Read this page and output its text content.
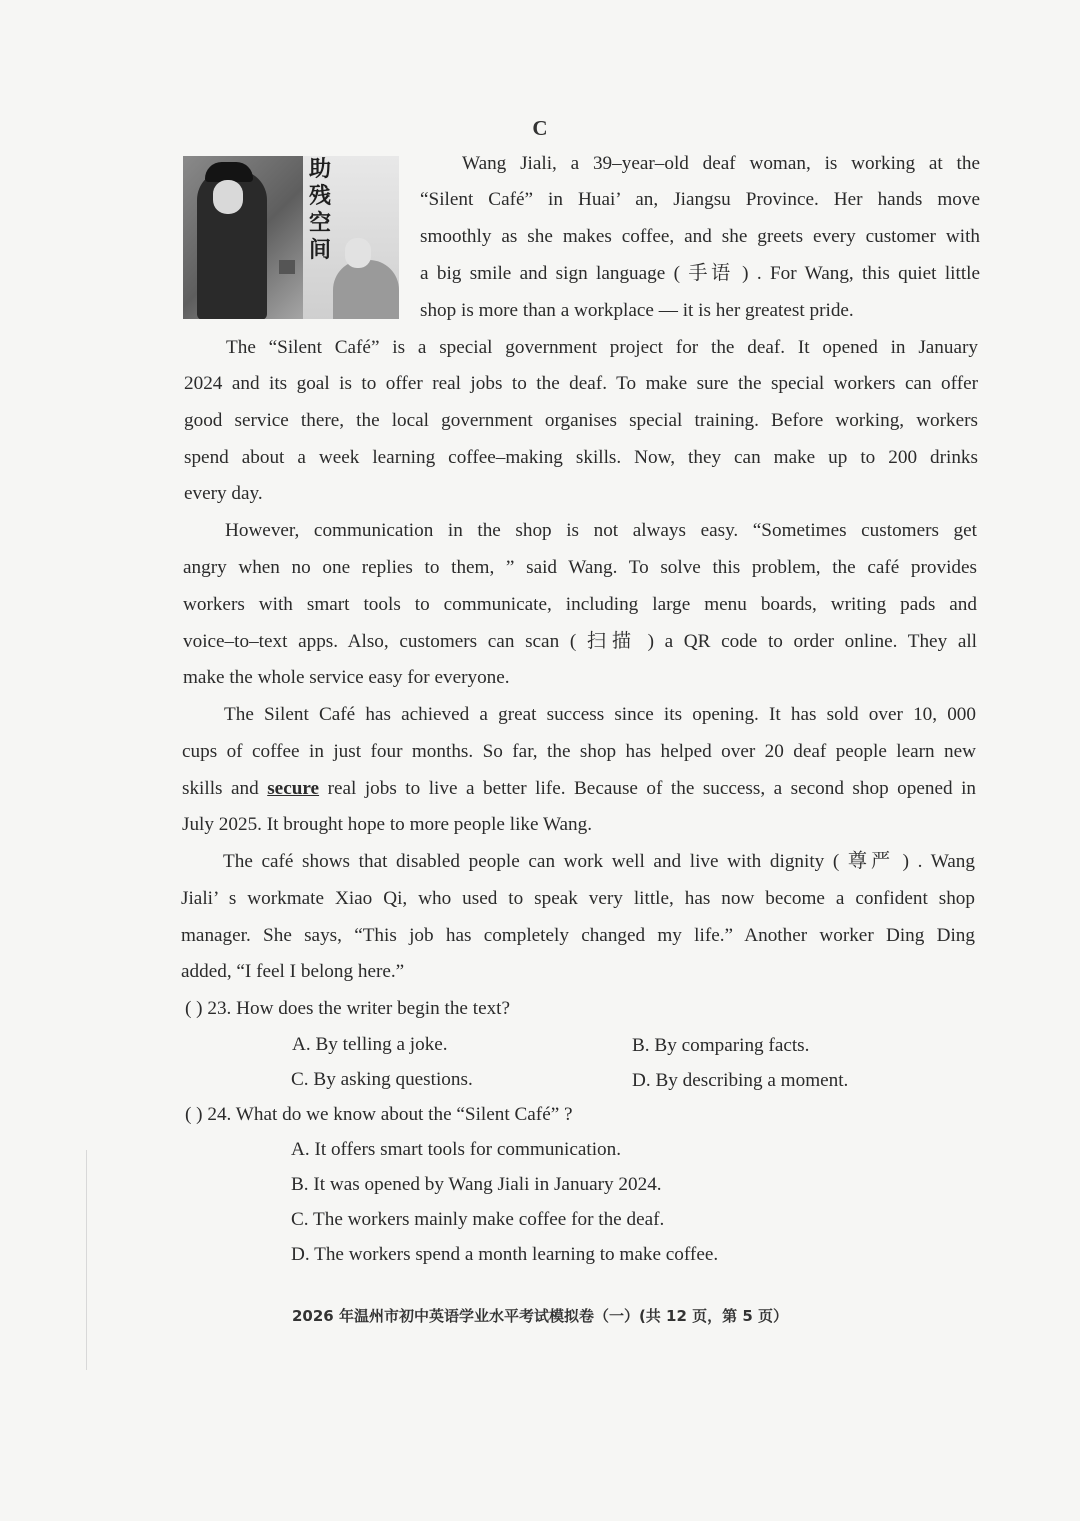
C
助
残
空
间
Wang Jiali, a 39–year–old deaf woman, is working at the
“Silent Café” in Huai’ an, Jiangsu Province. Her hands move
smoothly as she makes coffee, and she greets every customer with
a big smile and sign language ( 手语 ) . For Wang, this quiet little
shop is more than a workplace — it is her greatest pride.
The “Silent Café” is a special government project for the deaf. It opened in January
2024 and its goal is to offer real jobs to the deaf. To make sure the special workers can offer
good service there, the local government organises special training. Before working, workers
spend about a week learning coffee–making skills. Now, they can make up to 200 drinks
every day.
However, communication in the shop is not always easy. “Sometimes customers get
angry when no one replies to them, ” said Wang. To solve this problem, the café provides
workers with smart tools to communicate, including large menu boards, writing pads and
voice–to–text apps. Also, customers can scan ( 扫描 ) a QR code to order online. They all
make the whole service easy for everyone.
The Silent Café has achieved a great success since its opening. It has sold over 10, 000
cups of coffee in just four months. So far, the shop has helped over 20 deaf people learn new
skills and secure real jobs to live a better life. Because of the success, a second shop opened in
July 2025. It brought hope to more people like Wang.
The café shows that disabled people can work well and live with dignity ( 尊严 ) . Wang
Jiali’ s workmate Xiao Qi, who used to speak very little, has now become a confident shop
manager. She says, “This job has completely changed my life.” Another worker Ding Ding
added, “I feel I belong here.”
( ) 23. How does the writer begin the text?
A. By telling a joke.	B. By comparing facts.
C. By asking questions.	D. By describing a moment.
( ) 24. What do we know about the “Silent Café” ?
A. It offers smart tools for communication.
B. It was opened by Wang Jiali in January 2024.
C. The workers mainly make coffee for the deaf.
D. The workers spend a month learning to make coffee.
2026 年温州市初中英语学业水平考试模拟卷（一）(共 12 页，第 5 页）
